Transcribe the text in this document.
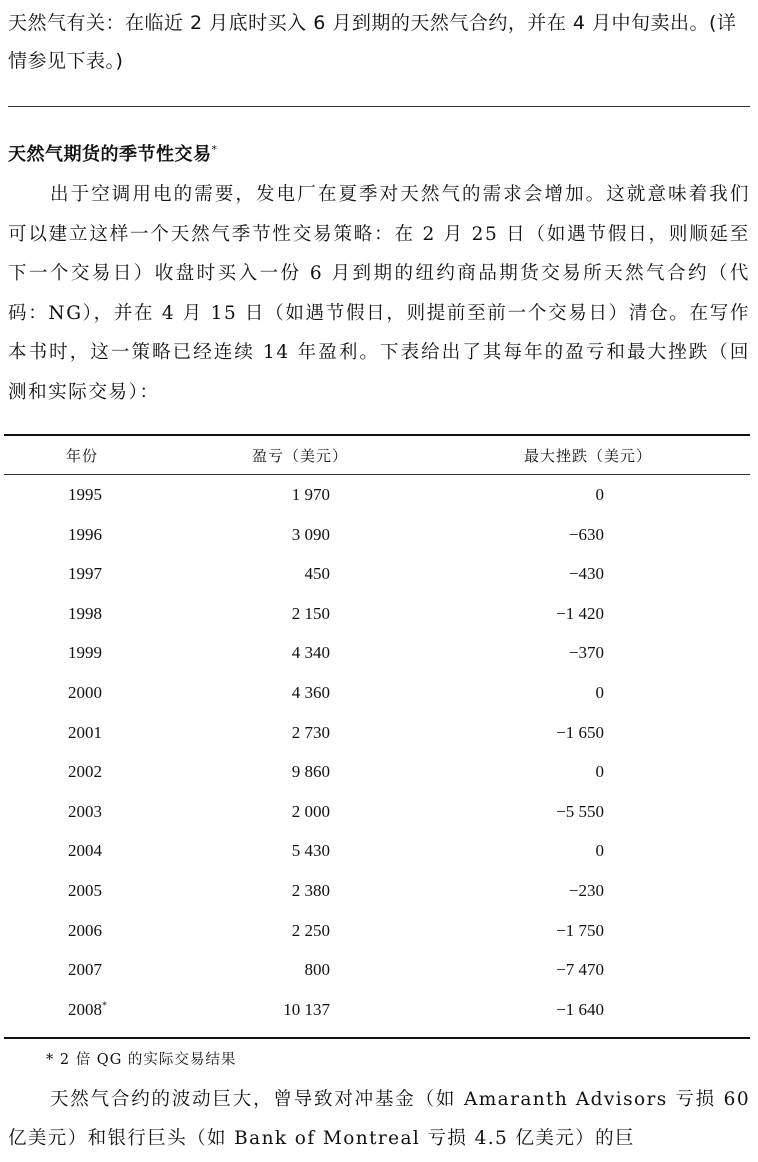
天然气有关：在临近 2 月底时买入 6 月到期的天然气合约，并在 4 月中旬卖出。(详情参见下表。)
天然气期货的季节性交易*
出于空调用电的需要，发电厂在夏季对天然气的需求会增加。这就意味着我们可以建立这样一个天然气季节性交易策略：在 2 月 25 日（如遇节假日，则顺延至下一个交易日）收盘时买入一份 6 月到期的纽约商品期货交易所天然气合约（代码：NG），并在 4 月 15 日（如遇节假日，则提前至前一个交易日）清仓。在写作本书时，这一策略已经连续 14 年盈利。下表给出了其每年的盈亏和最大挫跌（回测和实际交易）：
年份	盈亏（美元）	最大挫跌（美元）
1995	1 970	0
1996	3 090	−630
1997	450	−430
1998	2 150	−1 420
1999	4 340	−370
2000	4 360	0
2001	2 730	−1 650
2002	9 860	0
2003	2 000	−5 550
2004	5 430	0
2005	2 380	−230
2006	2 250	−1 750
2007	800	−7 470
2008*	10 137	−1 640
* 2 倍 QG 的实际交易结果
天然气合约的波动巨大，曾导致对冲基金（如 Amaranth Advisors 亏损 60 亿美元）和银行巨头（如 Bank of Montreal 亏损 4.5 亿美元）的巨
